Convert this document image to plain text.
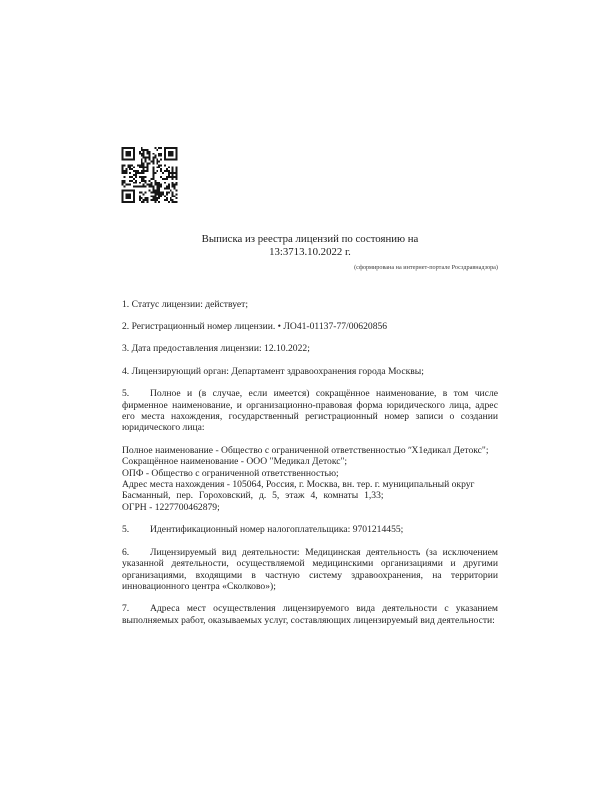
Выписка из реестра лицензий по состоянию на
13:3713.10.2022 г.
(сформирована на интернет-портале Росздравнадзора)
1. Статус лицензии: действует;
2. Регистрационный номер лицензии. • ЛО41-01137-77/00620856
3. Дата предоставления лицензии: 12.10.2022;
4. Лицензирующий орган: Департамент здравоохранения города Москвы;

5. Полное и (в случае, если имеется) сокращённое наименование, в том числе фирменное наименование, и организационно-правовая форма юридического лица, адрес его места нахождения, государственный регистрационный номер записи о создании юридического лица:

Полное наименование - Общество с ограниченной ответственностью ʺХ1едикал Детокс";
Сокращённое наименование - ООО "Медикал Детокс";
ОПФ - Общество с ограниченной ответственностью;
Адрес места нахождения - 105064, Россия, г. Москва, вн. тер. г. муниципальный округ
Басманный, пер. Гороховский, д. 5, этаж 4, комнаты 1,33;
ОГРН - 1227700462879;

5. Идентификационный номер налогоплательщика: 9701214455;

6. Лицензируемый вид деятельности: Медицинская деятельность (за исключением указанной деятельности, осуществляемой медицинскими организациями и другими организациями, входящими в частную систему здравоохранения, на территории инновационного центра «Сколково»);

7. Адреса мест осуществления лицензируемого вида деятельности с указанием выполняемых работ, оказываемых услуг, составляющих лицензируемый вид деятельности:
